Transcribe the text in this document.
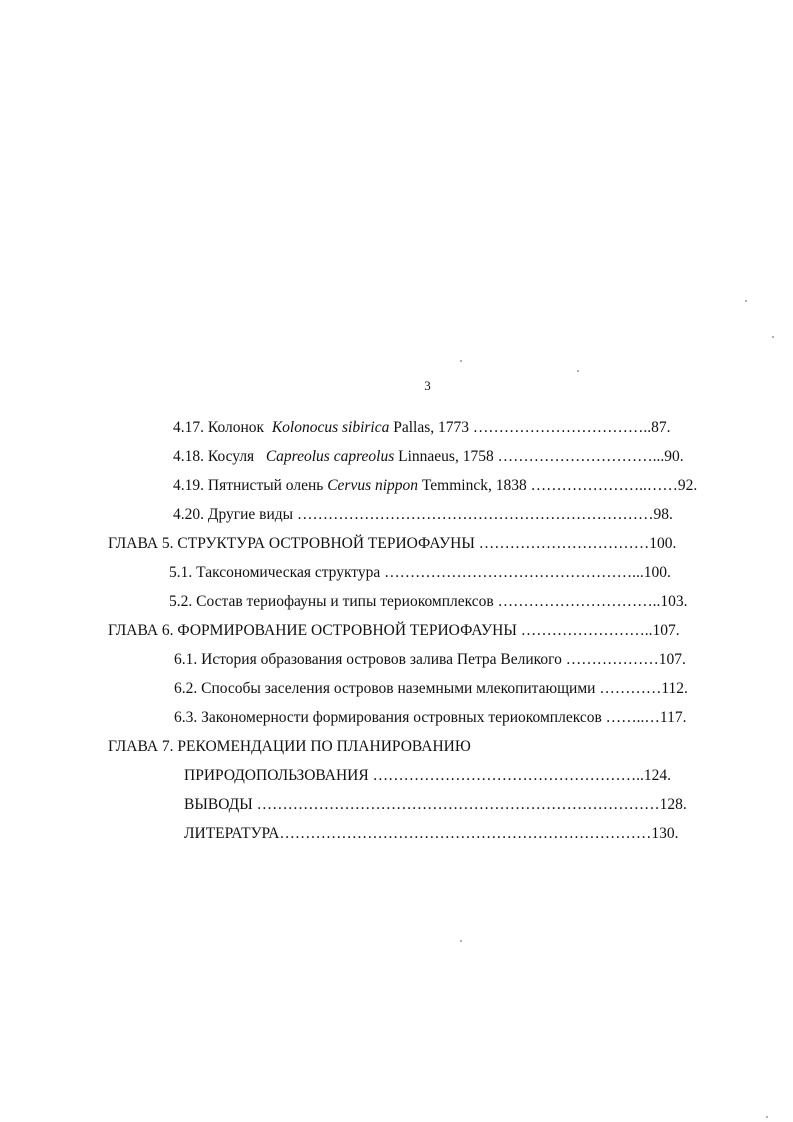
3
4.17. Колонок Kolonocus sibirica Pallas, 1773 ……………………………..87.
4.18. Косуля Capreolus capreolus Linnaeus, 1758 …………………………...90.
4.19. Пятнистый олень Cervus nippon Temminck, 1838 …………………..……92.
4.20. Другие виды ……………………………………………………………98.
ГЛАВА 5. СТРУКТУРА ОСТРОВНОЙ ТЕРИОФАУНЫ ……………………………100.
5.1. Таксономическая структура …………………………………………...100.
5.2. Состав териофауны и типы териокомплексов …………………………..103.
ГЛАВА 6. ФОРМИРОВАНИЕ ОСТРОВНОЙ ТЕРИОФАУНЫ ……………………..107.
6.1. История образования островов залива Петра Великого ………………107.
6.2. Способы заселения островов наземными млекопитающими …………112.
6.3. Закономерности формирования островных териокомплексов ……..…117.
ГЛАВА 7. РЕКОМЕНДАЦИИ ПО ПЛАНИРОВАНИЮ
ПРИРОДОПОЛЬЗОВАНИЯ ……………………………………………..124.
ВЫВОДЫ ……………………………………………………………………128.
ЛИТЕРАТУРА………………………………………………………………130.
